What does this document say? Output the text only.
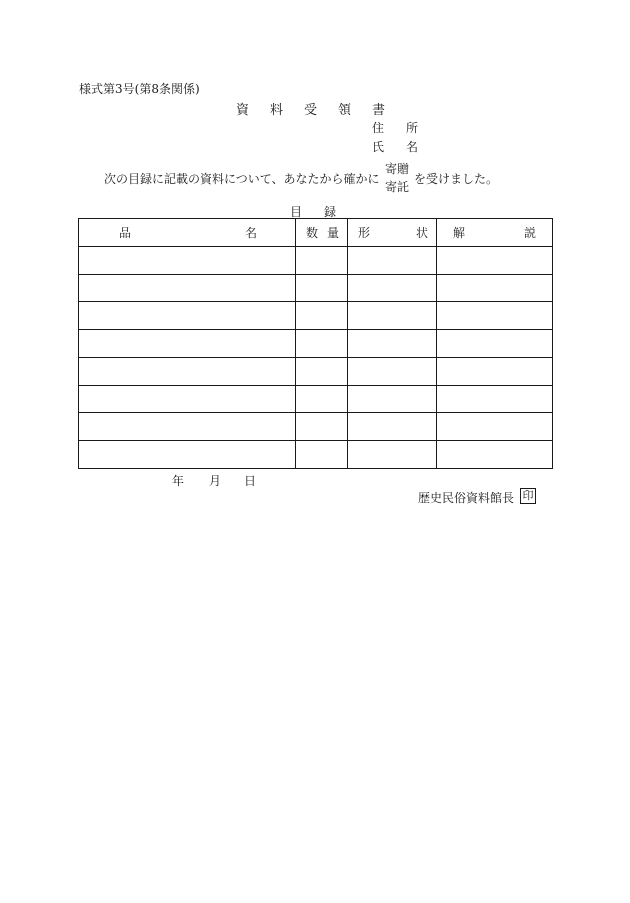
様式第3号(第8条関係)
資料受領書
住所
氏名
次の目録に記載の資料について、あなたから確かに
寄贈
寄託
を受けました。
目録
品 名	数 量	形 状	解 説

年 月 日
歴史民俗資料館長 印
